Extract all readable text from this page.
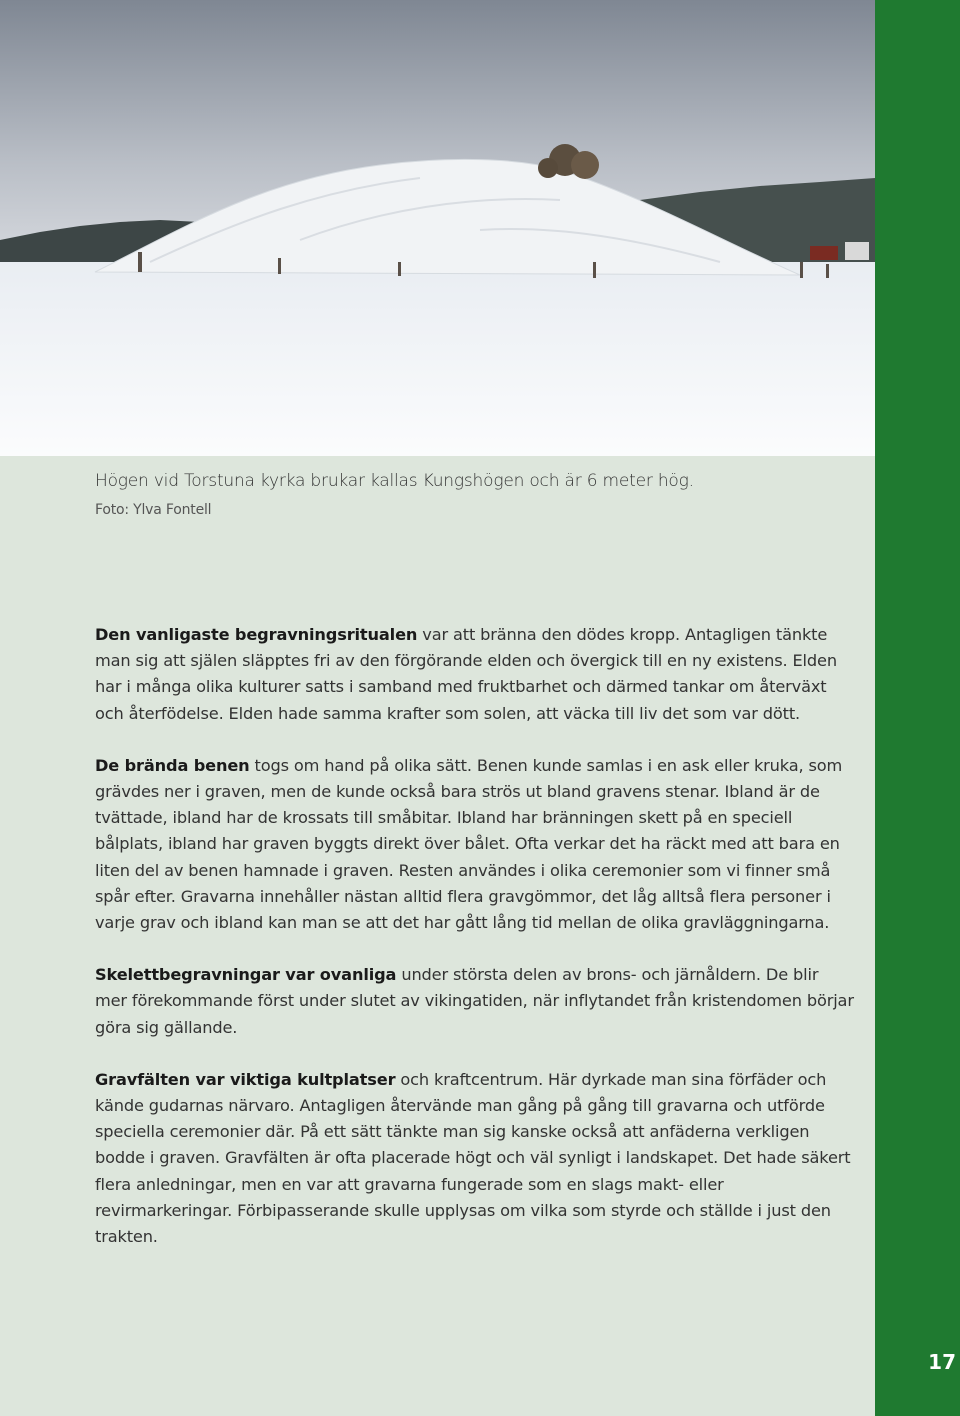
17

Högen vid Torstuna kyrka brukar kallas Kungshögen och är 6 meter hög.

Foto: Ylva Fontell

Den vanligaste begravningsritualen var att bränna den dödes kropp. Antagligen tänkte man sig att själen släpptes fri av den förgörande elden och övergick till en ny existens. Elden har i många olika kulturer satts i samband med fruktbarhet och därmed tankar om återväxt och återfödelse. Elden hade samma krafter som solen, att väcka till liv det som var dött.

De brända benen togs om hand på olika sätt. Benen kunde samlas i en ask eller kruka, som grävdes ner i graven, men de kunde också bara strös ut bland gravens stenar. Ibland är de tvättade, ibland har de krossats till småbitar. Ibland har bränningen skett på en speciell bålplats, ibland har graven byggts direkt över bålet. Ofta verkar det ha räckt med att bara en liten del av benen hamnade i graven. Resten användes i olika ceremonier som vi finner små spår efter. Gravarna innehåller nästan alltid flera gravgömmor, det låg alltså flera personer i varje grav och ibland kan man se att det har gått lång tid mellan de olika gravläggningarna.

Skelettbegravningar var ovanliga under största delen av brons- och järnåldern. De blir mer förekommande först under slutet av vikingatiden, när inflytandet från kristendomen börjar göra sig gällande.

Gravfälten var viktiga kultplatser och kraftcentrum. Här dyrkade man sina förfäder och kände gudarnas närvaro. Antagligen återvände man gång på gång till gravarna och utförde speciella ceremonier där. På ett sätt tänkte man sig kanske också att anfäderna verkligen bodde i graven. Gravfälten är ofta placerade högt och väl synligt i landskapet. Det hade säkert flera anledningar, men en var att gravarna fungerade som en slags makt- eller revirmarkeringar. Förbipasserande skulle upplysas om vilka som styrde och ställde i just den trakten.
